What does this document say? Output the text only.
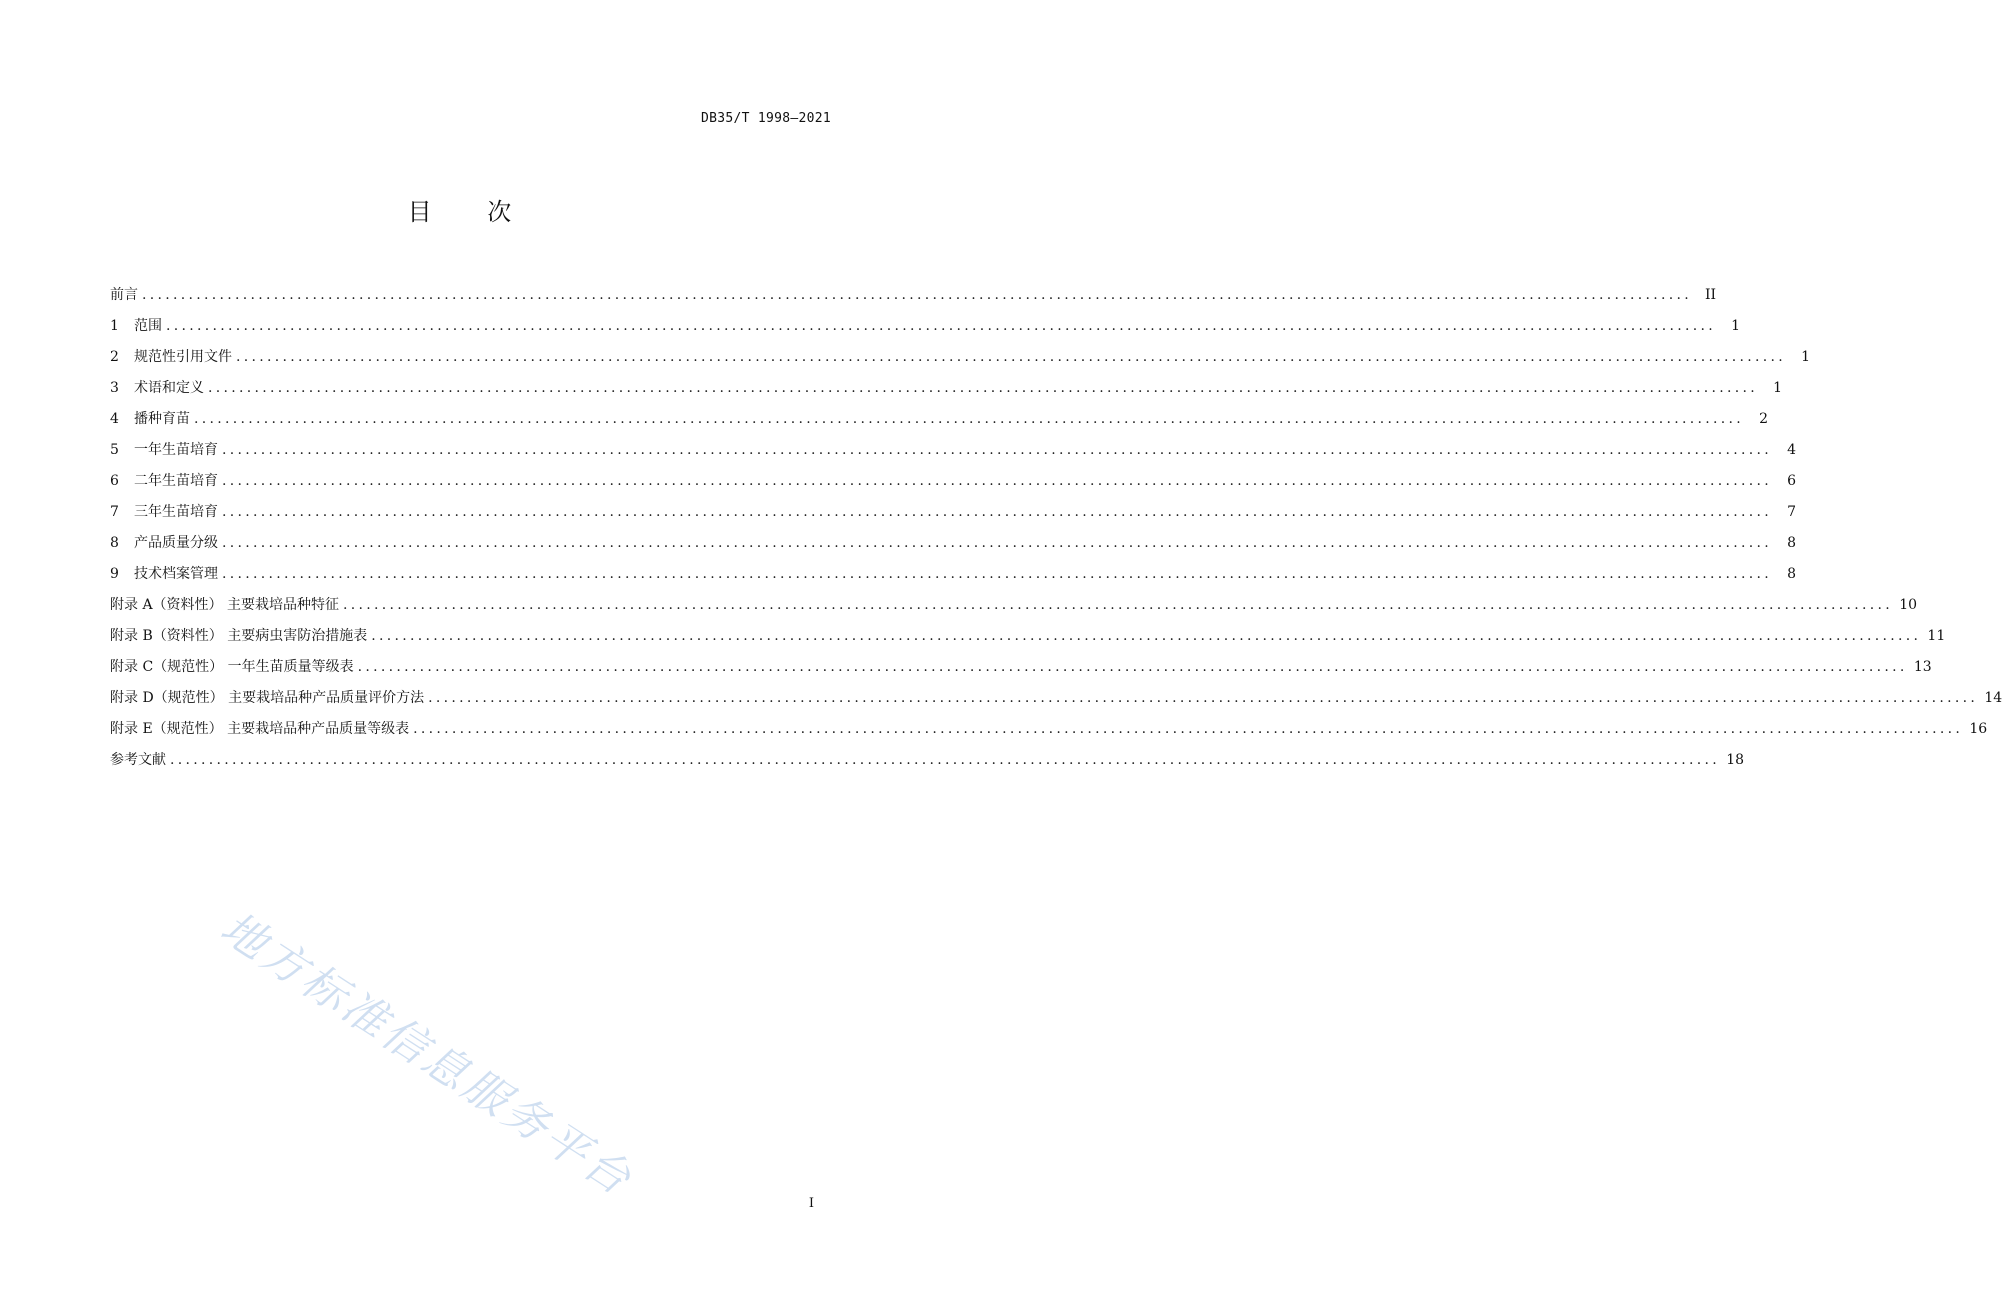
DB35/T 1998—2021
目 次
前言 ........................................................................................................................................................................................................ II
1	范围 ........................................................................................................................................................................................................	1
2	规范性引用文件 ........................................................................................................................................................................................................	1
3	术语和定义 ........................................................................................................................................................................................................	1
4	播种育苗 ........................................................................................................................................................................................................	2
5	一年生苗培育 ........................................................................................................................................................................................................	4
6	二年生苗培育 ........................................................................................................................................................................................................	6
7	三年生苗培育 ........................................................................................................................................................................................................	7
8	产品质量分级 ........................................................................................................................................................................................................	8
9	技术档案管理 ........................................................................................................................................................................................................	8
附录 A（资料性） 主要栽培品种特征 ........................................................................................................................................................................................................ 10
附录 B（资料性） 主要病虫害防治措施表 ........................................................................................................................................................................................................ 11
附录 C（规范性） 一年生苗质量等级表 ........................................................................................................................................................................................................ 13
附录 D（规范性） 主要栽培品种产品质量评价方法 ........................................................................................................................................................................................................ 14
附录 E（规范性） 主要栽培品种产品质量等级表 ........................................................................................................................................................................................................ 16
参考文献 ........................................................................................................................................................................................................ 18
地方标准信息服务平台	I
